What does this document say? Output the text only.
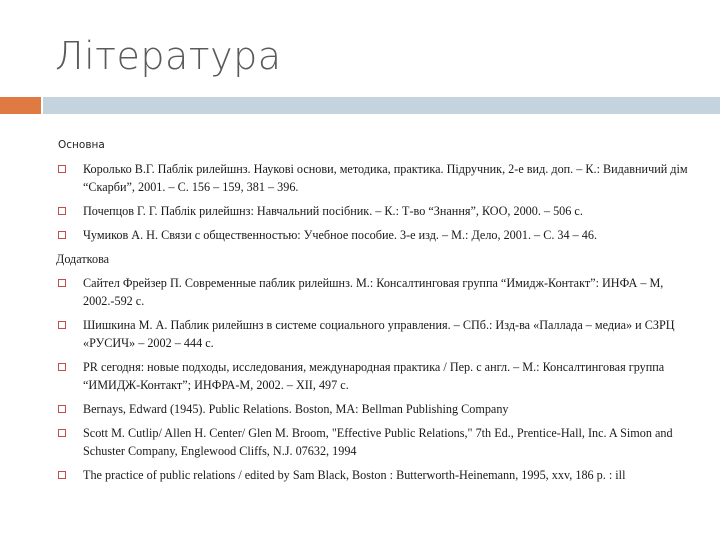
Література
Основна
Королько В.Г. Паблік рилейшнз. Наукові основи, методика, практика. Підручник, 2-е вид. доп. – К.: Видавничий дім “Скарби”, 2001. – С. 156 – 159, 381 – 396.
Почепцов Г. Г. Паблік рилейшнз: Навчальний посібник. – К.: Т-во “Знання”, КОО, 2000. – 506 с.
Чумиков А. Н. Связи с общественностью: Учебное пособие. 3-е изд. – М.: Дело, 2001. – С. 34 – 46.
Додаткова
Сайтел Фрейзер П. Современные паблик рилейшнз. М.: Консалтинговая группа “Имидж-Контакт”: ИНФА – М, 2002.-592 с.
Шишкина М. А. Паблик рилейшнз в системе социального управления. – СПб.: Изд-ва «Паллада – медиа» и СЗРЦ «РУСИЧ» – 2002 – 444 с.
PR сегодня: новые подходы, исследования, международная практика / Пер. с англ. – М.: Консалтинговая группа “ИМИДЖ-Контакт”; ИНФРА-М, 2002. – XII, 497 с.
Bernays, Edward (1945). Public Relations. Boston, MA: Bellman Publishing Company
Scott M. Cutlip/ Allen H. Center/ Glen M. Broom, "Effective Public Relations," 7th Ed., Prentice-Hall, Inc. A Simon and Schuster Company, Englewood Cliffs, N.J. 07632, 1994
The practice of public relations / edited by Sam Black, Boston : Butterworth-Heinemann, 1995, xxv, 186 p. : ill
